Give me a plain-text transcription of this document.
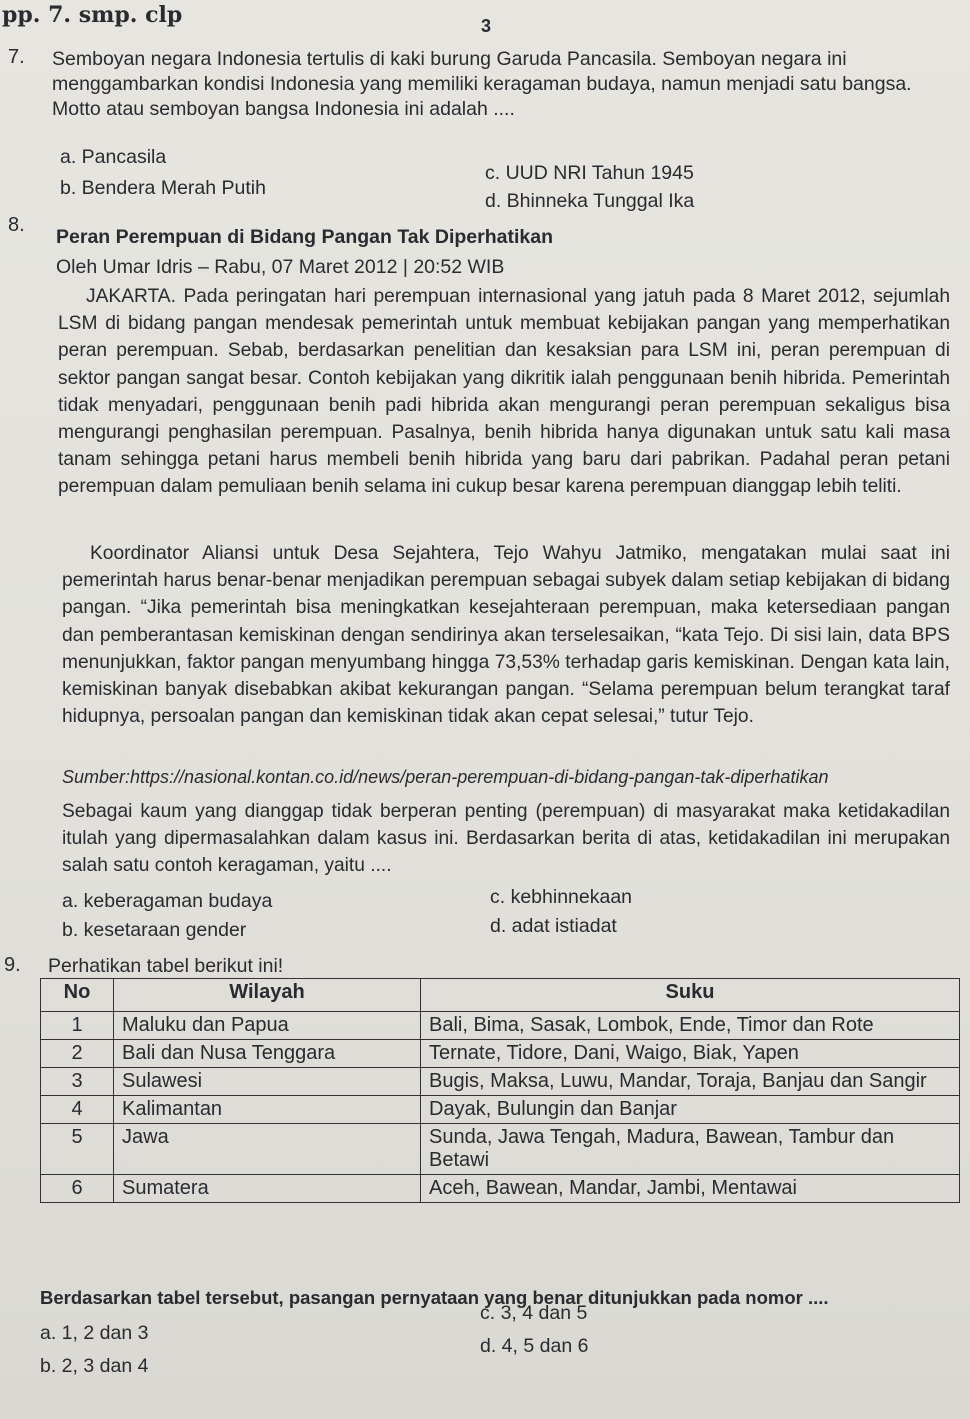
pp. 7. smp. clp	3
7. Semboyan negara Indonesia tertulis di kaki burung Garuda Pancasila. Semboyan negara ini menggambarkan kondisi Indonesia yang memiliki keragaman budaya, namun menjadi satu bangsa. Motto atau semboyan bangsa Indonesia ini adalah ....
a. Pancasila
c. UUD NRI Tahun 1945
b. Bendera Merah Putih
d. Bhinneka Tunggal Ika
8.
Peran Perempuan di Bidang Pangan Tak Diperhatikan
Oleh Umar Idris – Rabu, 07 Maret 2012 | 20:52 WIB
JAKARTA. Pada peringatan hari perempuan internasional yang jatuh pada 8 Maret 2012, sejumlah LSM di bidang pangan mendesak pemerintah untuk membuat kebijakan pangan yang memperhatikan peran perempuan. Sebab, berdasarkan penelitian dan kesaksian para LSM ini, peran perempuan di sektor pangan sangat besar. Contoh kebijakan yang dikritik ialah penggunaan benih hibrida. Pemerintah tidak menyadari, penggunaan benih padi hibrida akan mengurangi peran perempuan sekaligus bisa mengurangi penghasilan perempuan. Pasalnya, benih hibrida hanya digunakan untuk satu kali masa tanam sehingga petani harus membeli benih hibrida yang baru dari pabrikan. Padahal peran petani perempuan dalam pemuliaan benih selama ini cukup besar karena perempuan dianggap lebih teliti.
Koordinator Aliansi untuk Desa Sejahtera, Tejo Wahyu Jatmiko, mengatakan mulai saat ini pemerintah harus benar-benar menjadikan perempuan sebagai subyek dalam setiap kebijakan di bidang pangan. “Jika pemerintah bisa meningkatkan kesejahteraan perempuan, maka ketersediaan pangan dan pemberantasan kemiskinan dengan sendirinya akan terselesaikan, “kata Tejo. Di sisi lain, data BPS menunjukkan, faktor pangan menyumbang hingga 73,53% terhadap garis kemiskinan. Dengan kata lain, kemiskinan banyak disebabkan akibat kekurangan pangan. “Selama perempuan belum terangkat taraf hidupnya, persoalan pangan dan kemiskinan tidak akan cepat selesai,” tutur Tejo.
Sumber:https://nasional.kontan.co.id/news/peran-perempuan-di-bidang-pangan-tak-diperhatikan
Sebagai kaum yang dianggap tidak berperan penting (perempuan) di masyarakat maka ketidakadilan itulah yang dipermasalahkan dalam kasus ini. Berdasarkan berita di atas, ketidakadilan ini merupakan salah satu contoh keragaman, yaitu ....
a. keberagaman budaya	c. kebhinnekaan
b. kesetaraan gender	d. adat istiadat
9. Perhatikan tabel berikut ini!
No	Wilayah	Suku
1	Maluku dan Papua	Bali, Bima, Sasak, Lombok, Ende, Timor dan Rote
2	Bali dan Nusa Tenggara	Ternate, Tidore, Dani, Waigo, Biak, Yapen
3	Sulawesi	Bugis, Maksa, Luwu, Mandar, Toraja, Banjau dan Sangir
4	Kalimantan	Dayak, Bulungin dan Banjar
5	Jawa	Sunda, Jawa Tengah, Madura, Bawean, Tambur dan Betawi
6	Sumatera	Aceh, Bawean, Mandar, Jambi, Mentawai
Berdasarkan tabel tersebut, pasangan pernyataan yang benar ditunjukkan pada nomor ....
a. 1, 2 dan 3
c. 3, 4 dan 5
b. 2, 3 dan 4
d. 4, 5 dan 6
